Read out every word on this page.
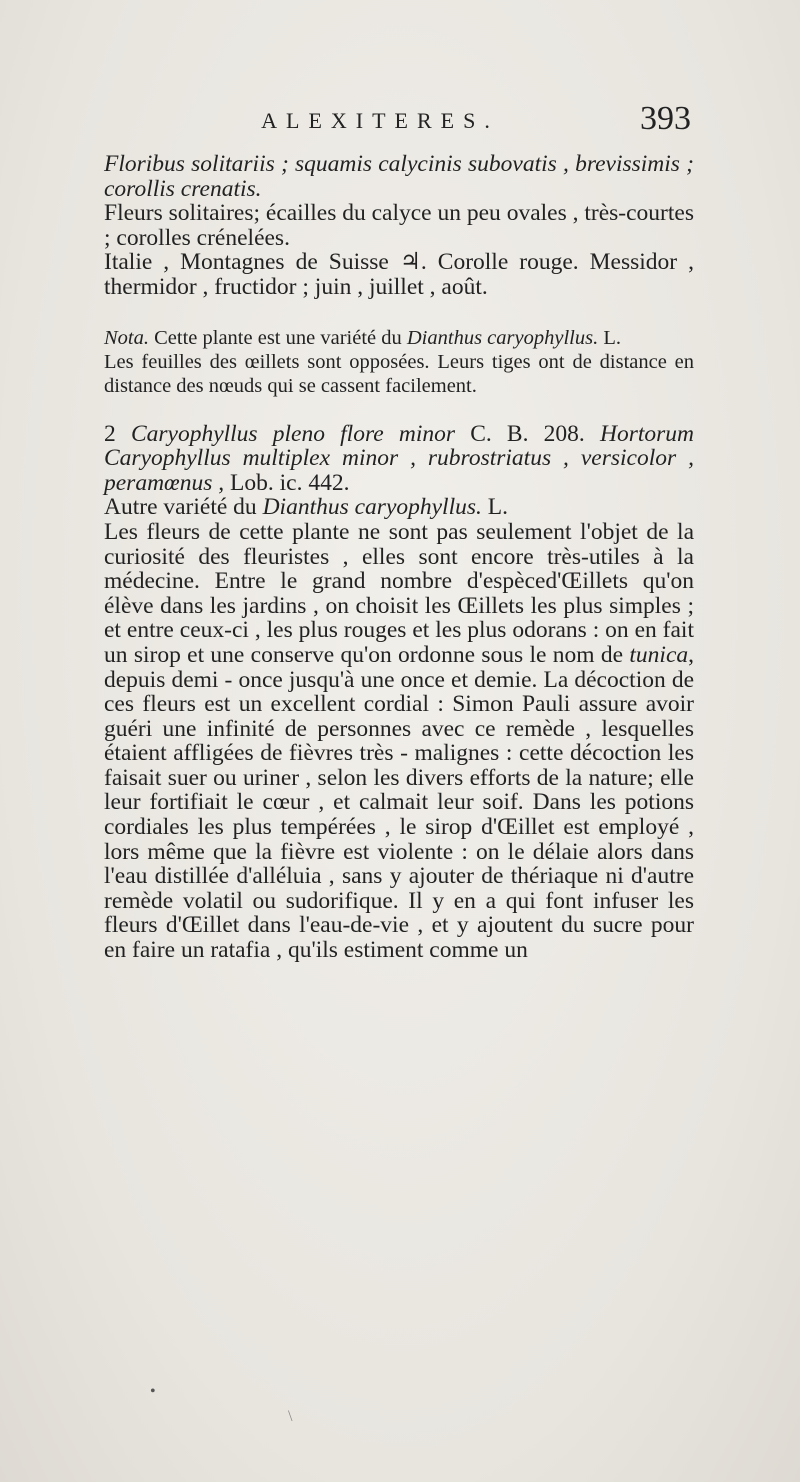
ALEXITERES.	393

Floribus solitariis ; squamis calycinis subovatis , brevissimis ; corollis crenatis.

Fleurs solitaires; écailles du calyce un peu ovales , très-courtes ; corolles crénelées.

Italie , Montagnes de Suisse ♃. Corolle rouge. Messidor , thermidor , fructidor ; juin , juillet , août.

Nota. Cette plante est une variété du Dianthus caryophyllus. L.
Les feuilles des œillets sont opposées. Leurs tiges ont de distance en distance des nœuds qui se cassent facilement.

2 Caryophyllus pleno flore minor C. B. 208. Hortorum Caryophyllus multiplex minor , rubrostriatus , versicolor , peramœnus , Lob. ic. 442.

Autre variété du Dianthus caryophyllus. L.

Les fleurs de cette plante ne sont pas seulement l'objet de la curiosité des fleuristes , elles sont encore très-utiles à la médecine. Entre le grand nombre d'espèced'Œillets qu'on élève dans les jardins , on choisit les Œillets les plus simples ; et entre ceux-ci , les plus rouges et les plus odorans : on en fait un sirop et une conserve qu'on ordonne sous le nom de tunica, depuis demi - once jusqu'à une once et demie. La décoction de ces fleurs est un excellent cordial : Simon Pauli assure avoir guéri une infinité de personnes avec ce remède , lesquelles étaient affligées de fièvres très - malignes : cette décoction les faisait suer ou uriner , selon les divers efforts de la nature; elle leur fortifiait le cœur , et calmait leur soif. Dans les potions cordiales les plus tempérées , le sirop d'Œillet est employé , lors même que la fièvre est violente : on le délaie alors dans l'eau distillée d'alléluia , sans y ajouter de thériaque ni d'autre remède volatil ou sudorifique. Il y en a qui font infuser les fleurs d'Œillet dans l'eau-de-vie , et y ajoutent du sucre pour en faire un ratafia , qu'ils estiment comme un

•
\
